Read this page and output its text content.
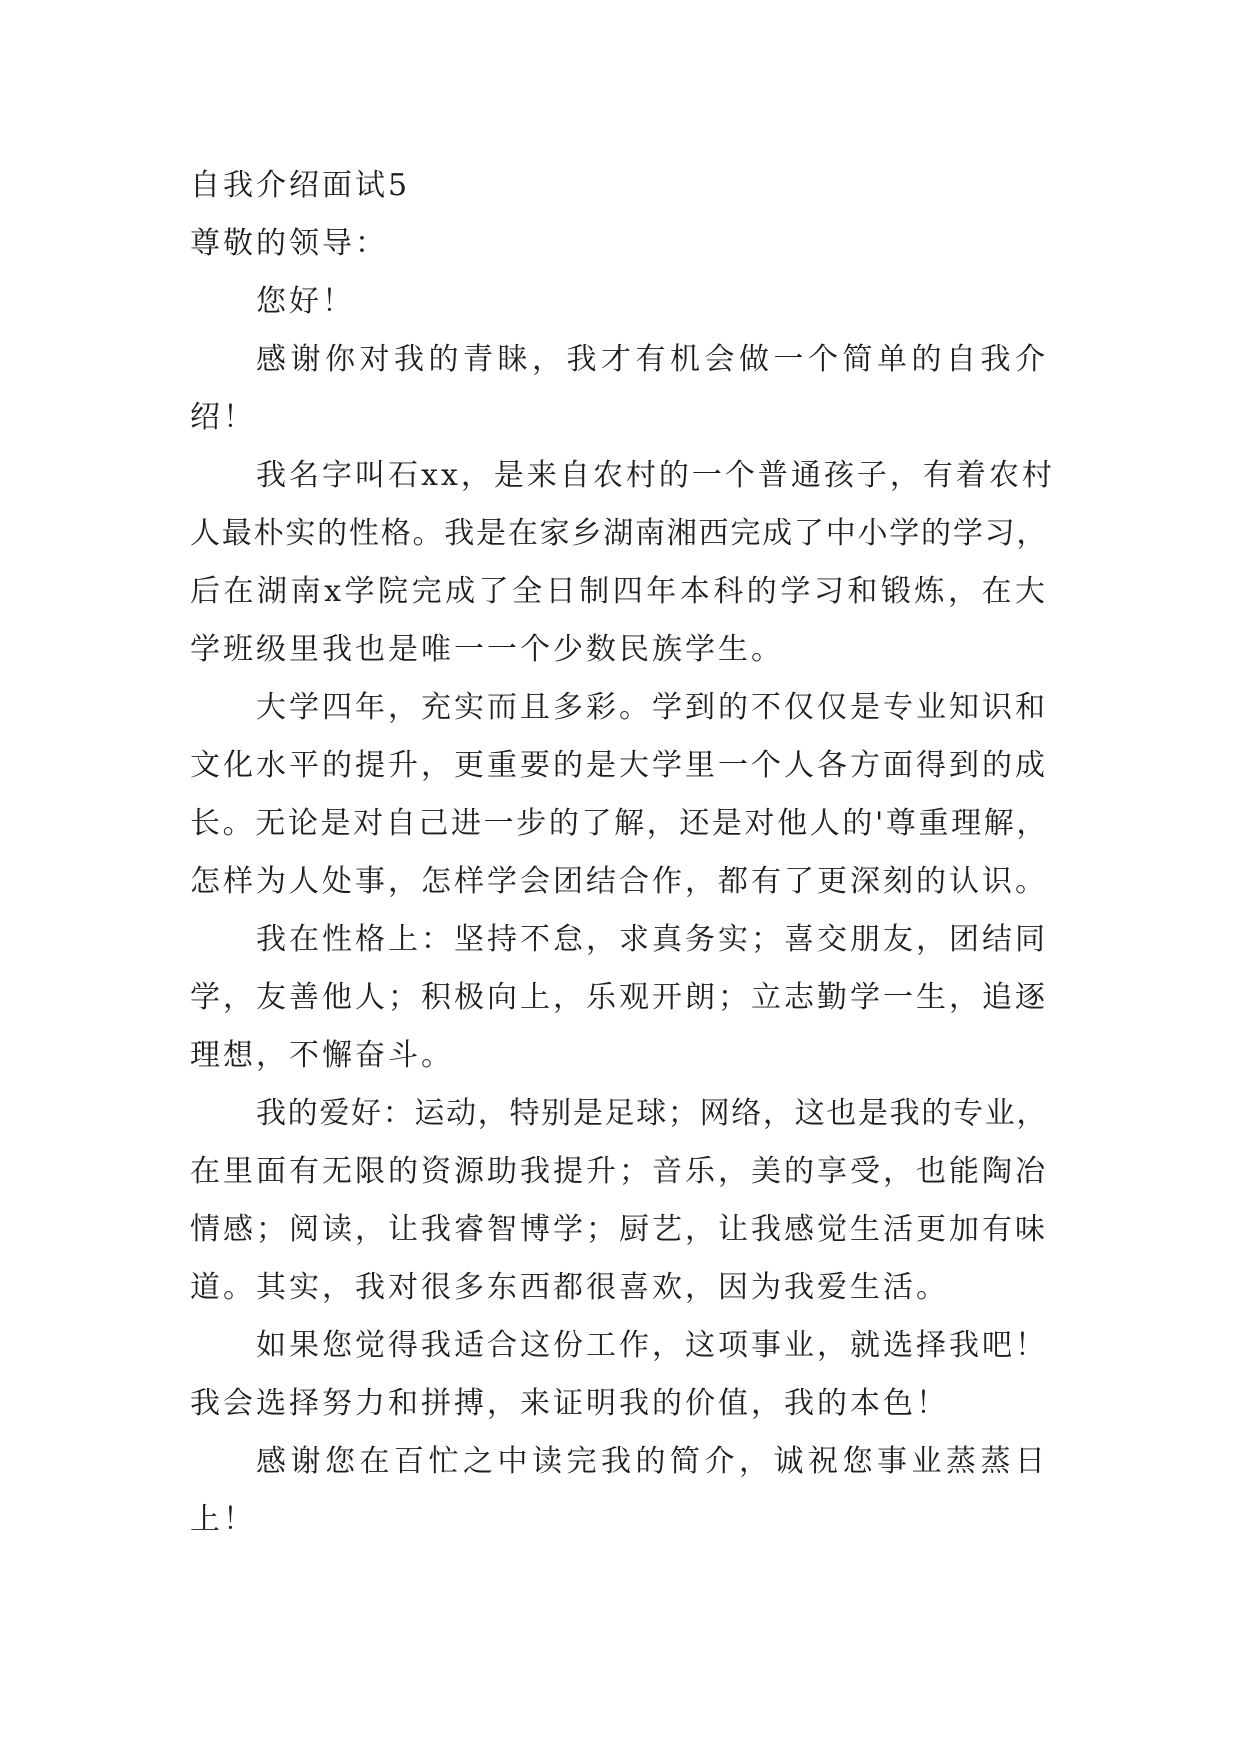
自我介绍面试5
尊敬的领导：
您好！
感谢你对我的青睐，我才有机会做一个简单的自我介
绍！
我名字叫石xx，是来自农村的一个普通孩子，有着农村
人最朴实的性格。我是在家乡湖南湘西完成了中小学的学习，
后在湖南x学院完成了全日制四年本科的学习和锻炼，在大
学班级里我也是唯一一个少数民族学生。
大学四年，充实而且多彩。学到的不仅仅是专业知识和
文化水平的提升，更重要的是大学里一个人各方面得到的成
长。无论是对自己进一步的了解，还是对他人的'尊重理解，
怎样为人处事，怎样学会团结合作，都有了更深刻的认识。
我在性格上：坚持不怠，求真务实；喜交朋友，团结同
学，友善他人；积极向上，乐观开朗；立志勤学一生，追逐
理想，不懈奋斗。
我的爱好：运动，特别是足球；网络，这也是我的专业，
在里面有无限的资源助我提升；音乐，美的享受，也能陶冶
情感；阅读，让我睿智博学；厨艺，让我感觉生活更加有味
道。其实，我对很多东西都很喜欢，因为我爱生活。
如果您觉得我适合这份工作，这项事业，就选择我吧！
我会选择努力和拼搏，来证明我的价值，我的本色！
感谢您在百忙之中读完我的简介，诚祝您事业蒸蒸日
上！
